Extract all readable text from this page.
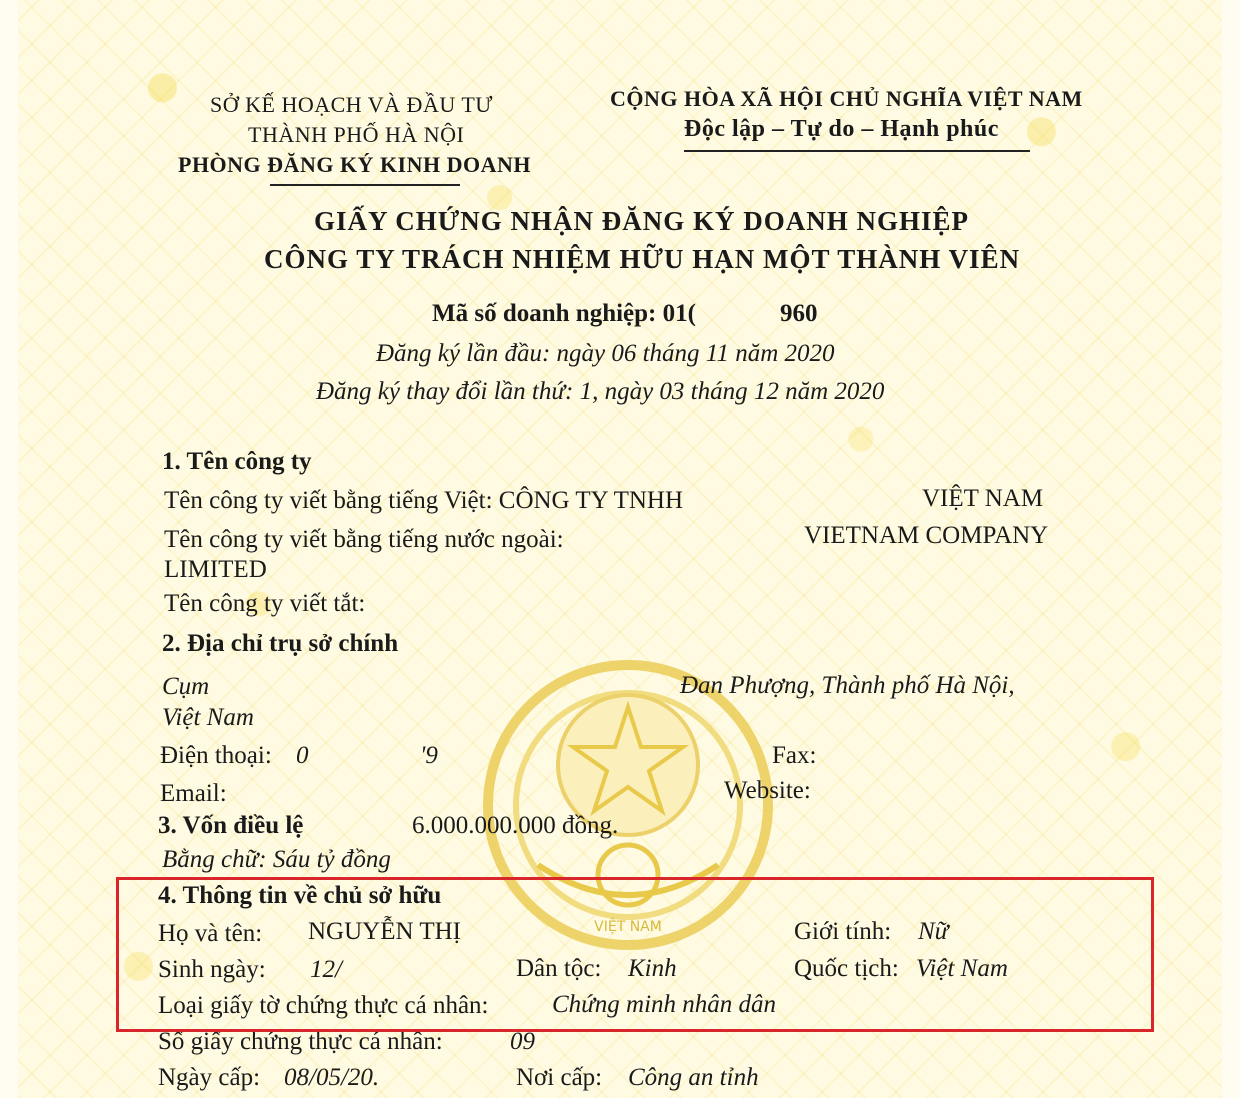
SỞ KẾ HOẠCH VÀ ĐẦU TƯ
THÀNH PHỐ HÀ NỘI
PHÒNG ĐĂNG KÝ KINH DOANH
CỘNG HÒA XÃ HỘI CHỦ NGHĨA VIỆT NAM
Độc lập – Tự do – Hạnh phúc
GIẤY CHỨNG NHẬN ĐĂNG KÝ DOANH NGHIỆP
CÔNG TY TRÁCH NHIỆM HỮU HẠN MỘT THÀNH VIÊN
Mã số doanh nghiệp: 01(	960
Đăng ký lần đầu: ngày 06 tháng 11 năm 2020
Đăng ký thay đổi lần thứ: 1, ngày 03 tháng 12 năm 2020
1. Tên công ty
Tên công ty viết bằng tiếng Việt: CÔNG TY TNHH	VIỆT NAM
Tên công ty viết bằng tiếng nước ngoài:	VIETNAM COMPANY
LIMITED
Tên công ty viết tắt:
VIỆT NAM
2. Địa chỉ trụ sở chính
Cụm	Đan Phượng, Thành phố Hà Nội,
Việt Nam
Điện thoại: 0	'9	Fax:
Email:	Website:
3. Vốn điều lệ	6.000.000.000 đồng.
Bằng chữ: Sáu tỷ đồng
4. Thông tin về chủ sở hữu
Họ và tên: NGUYỄN THỊ	Giới tính: Nữ
Sinh ngày: 12/	Dân tộc: Kinh	Quốc tịch: Việt Nam
Loại giấy tờ chứng thực cá nhân:	Chứng minh nhân dân
Số giấy chứng thực cá nhân:	09
Ngày cấp: 08/05/20.	Nơi cấp: Công an tỉnh
